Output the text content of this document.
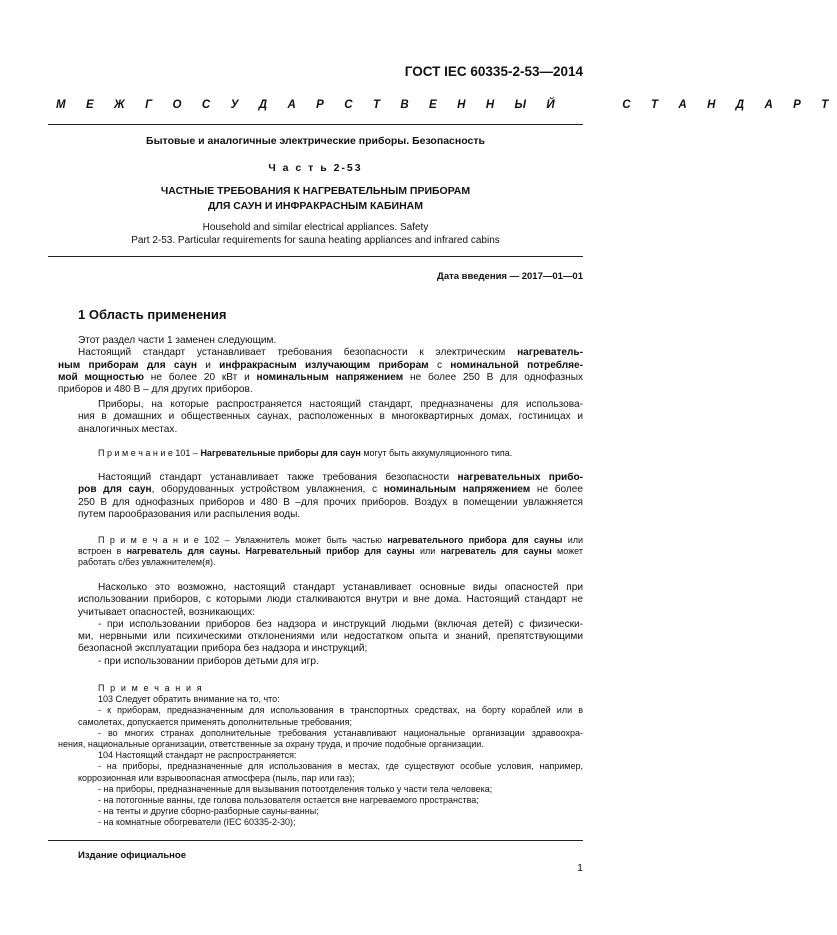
ГОСТ IEC 60335-2-53—2014
М Е Ж Г О С У Д А Р С Т В Е Н Н Ы Й     С Т А Н Д А Р Т
Бытовые и аналогичные электрические приборы. Безопасность
Ч а с т ь 2-53
ЧАСТНЫЕ ТРЕБОВАНИЯ К НАГРЕВАТЕЛЬНЫМ ПРИБОРАМ
ДЛЯ САУН И ИНФРАКРАСНЫМ КАБИНАМ
Household and similar electrical appliances. Safety
Part 2-53. Particular requirements for sauna heating appliances and infrared cabins
Дата введения — 2017—01—01
1 Область применения
Этот раздел части 1 заменен следующим.
Настоящий стандарт устанавливает требования безопасности к электрическим нагреватель-
ным приборам для саун и инфракрасным излучающим приборам с номинальной потребляе-
мой мощностью не более 20 кВт и номинальным напряжением не более 250 В для однофазных
приборов и 480 В – для других приборов.
Приборы, на которые распространяется настоящий стандарт, предназначены для использова-
ния в домашних и общественных саунах, расположенных в многоквартирных домах, гостиницах и
аналогичных местах.
П р и м е ч а н и е 101 – Нагревательные приборы для саун могут быть аккумуляционного типа.
Настоящий стандарт устанавливает также требования безопасности нагревательных прибо-
ров для саун, оборудованных устройством увлажнения, с номинальным напряжением не более
250 В для однофазных приборов и 480 В –для прочих приборов. Воздух в помещении увлажняется
путем парообразования или распыления воды.
П р и м е ч а н и е 102 – Увлажнитель может быть частью нагревательного прибора для сауны или
встроен в нагреватель для сауны. Нагревательный прибор для сауны или нагреватель для сауны может
работать с/без увлажнителем(я).
Насколько это возможно, настоящий стандарт устанавливает основные виды опасностей при
использовании приборов, с которыми люди сталкиваются внутри и вне дома. Настоящий стандарт не
учитывает опасностей, возникающих:
- при использовании приборов без надзора и инструкций людьми (включая детей) с физически-
ми, нервными или психическими отклонениями или недостатком опыта и знаний, препятствующими
безопасной эксплуатации прибора без надзора и инструкций;
- при использовании приборов детьми для игр.
П р и м е ч а н и я
103 Следует обратить внимание на то, что:
- к приборам, предназначенным для использования в транспортных средствах, на борту кораблей или в
самолетах, допускается применять дополнительные требования;
- во многих странах дополнительные требования устанавливают национальные организации здравоохра-
нения, национальные организации, ответственные за охрану труда, и прочие подобные организации.
104 Настоящий стандарт не распространяется:
- на приборы, предназначенные для использования в местах, где существуют особые условия, например,
коррозионная или взрывоопасная атмосфера (пыль, пар или газ);
- на приборы, предназначенные для вызывания потоотделения только у части тела человека;
- на потогонные ванны, где голова пользователя остается вне нагреваемого пространства;
- на тенты и другие сборно-разборные сауны-ванны;
- на комнатные обогреватели (IEC 60335-2-30);
Издание официальное
1
